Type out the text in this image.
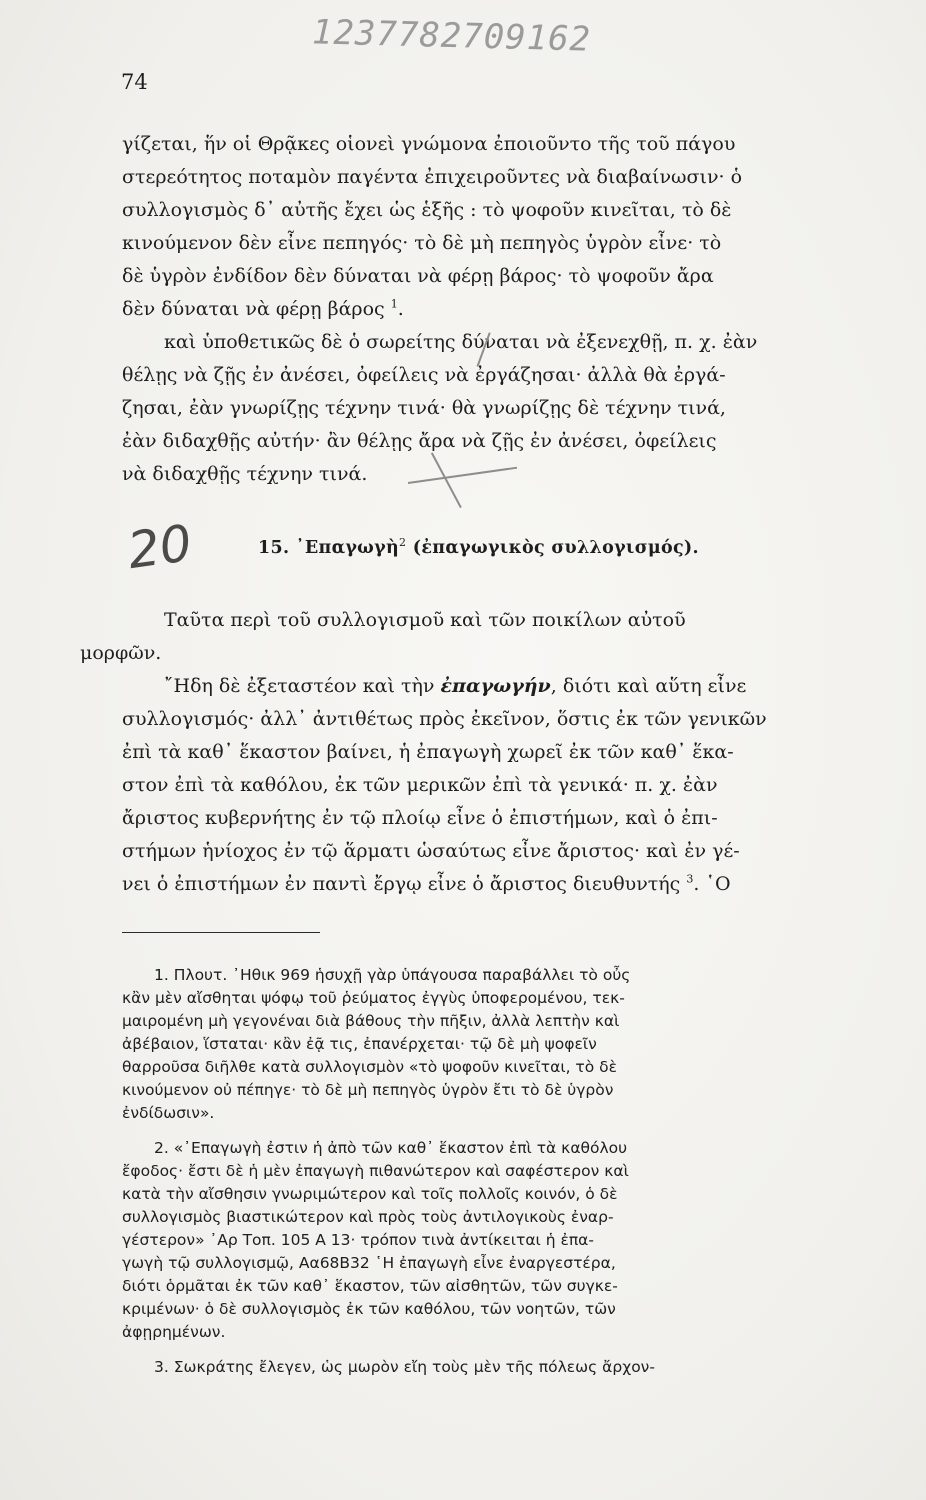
1237782709162
74

γίζεται, ἥν οἱ Θρᾷκες οἱονεὶ γνώμονα ἐποιοῦντο τῆς τοῦ πάγου
στερεότητος ποταμὸν παγέντα ἐπιχειροῦντες νὰ διαβαίνωσιν· ὁ
συλλογισμὸς δ᾽ αὐτῆς ἔχει ὡς ἑξῆς : τὸ ψοφοῦν κινεῖται, τὸ δὲ
κινούμενον δὲν εἶνε πεπηγός· τὸ δὲ μὴ πεπηγὸς ὑγρὸν εἶνε· τὸ
δὲ ὑγρὸν ἐνδίδον δὲν δύναται νὰ φέρῃ βάρος· τὸ ψοφοῦν ἄρα
δὲν δύναται νὰ φέρῃ βάρος $^1$.

καὶ ὑποθετικῶς δὲ ὁ σωρείτης δύναται νὰ ἐξενεχθῇ, π. χ. ἐὰν
θέλῃς νὰ ζῇς ἐν ἀνέσει, ὀφείλεις νὰ ἐργάζησαι· ἀλλὰ θὰ ἐργά-
ζησαι, ἐὰν γνωρίζῃς τέχνην τινά· θὰ γνωρίζῃς δὲ τέχνην τινά,
ἐὰν διδαχθῇς αὐτήν· ἂν θέλῃς ἄρα νὰ ζῇς ἐν ἀνέσει, ὀφείλεις
νὰ διδαχθῇς τέχνην τινά.

20	15. ᾿Επαγωγὴ$^2$ (ἐπαγωγικὸς συλλογισμός).

Ταῦτα περὶ τοῦ συλλογισμοῦ καὶ τῶν ποικίλων αὐτοῦ
μορφῶν.

῎Ηδη δὲ ἐξεταστέον καὶ τὴν ἐπαγωγήν, διότι καὶ αὕτη εἶνε
συλλογισμός· ἀλλ᾽ ἀντιθέτως πρὸς ἐκεῖνον, ὅστις ἐκ τῶν γενικῶν
ἐπὶ τὰ καθ᾽ ἕκαστον βαίνει, ἡ ἐπαγωγὴ χωρεῖ ἐκ τῶν καθ᾽ ἕκα-
στον ἐπὶ τὰ καθόλου, ἐκ τῶν μερικῶν ἐπὶ τὰ γενικά· π. χ. ἐὰν
ἄριστος κυβερνήτης ἐν τῷ πλοίῳ εἶνε ὁ ἐπιστήμων, καὶ ὁ ἐπι-
στήμων ἡνίοχος ἐν τῷ ἅρματι ὡσαύτως εἶνε ἄριστος· καὶ ἐν γέ-
νει ὁ ἐπιστήμων ἐν παντὶ ἔργῳ εἶνε ὁ ἄριστος διευθυντής $^3$. ῾Ο

1. Πλουτ. ᾿Ηθικ 969 ἡσυχῇ γὰρ ὑπάγουσα παραβάλλει τὸ οὖς
κἂν μὲν αἴσθηται ψόφῳ τοῦ ῥεύματος ἐγγὺς ὑποφερομένου, τεκ-
μαιρομένη μὴ γεγονέναι διὰ βάθους τὴν πῆξιν, ἀλλὰ λεπτὴν καὶ
ἀβέβαιον, ἵσταται· κἂν ἐᾷ τις, ἐπανέρχεται· τῷ δὲ μὴ ψοφεῖν
θαρροῦσα διῆλθε κατὰ συλλογισμὸν «τὸ ψοφοῦν κινεῖται, τὸ δὲ
κινούμενον οὐ πέπηγε· τὸ δὲ μὴ πεπηγὸς ὑγρὸν ἔτι τὸ δὲ ὑγρὸν
ἐνδίδωσιν».

2. «᾿Επαγωγὴ ἐστιν ἡ ἀπὸ τῶν καθ᾽ ἕκαστον ἐπὶ τὰ καθόλου
ἔφοδος· ἔστι δὲ ἡ μὲν ἐπαγωγὴ πιθανώτερον καὶ σαφέστερον καὶ
κατὰ τὴν αἴσθησιν γνωριμώτερον καὶ τοῖς πολλοῖς κοινόν, ὁ δὲ
συλλογισμὸς βιαστικώτερον καὶ πρὸς τοὺς ἀντιλογικοὺς ἐναρ-
γέστερον» ᾿Αρ Τοπ. 105 Α 13· τρόπον τινὰ ἀντίκειται ἡ ἐπα-
γωγὴ τῷ συλλογισμῷ, Αα68Β32 ῾Η ἐπαγωγὴ εἶνε ἐναργεστέρα,
διότι ὁρμᾶται ἐκ τῶν καθ᾽ ἕκαστον, τῶν αἰσθητῶν, τῶν συγκε-
κριμένων· ὁ δὲ συλλογισμὸς ἐκ τῶν καθόλου, τῶν νοητῶν, τῶν
ἀφῃρημένων.

3. Σωκράτης ἔλεγεν, ὡς μωρὸν εἴη τοὺς μὲν τῆς πόλεως ἄρχον-
